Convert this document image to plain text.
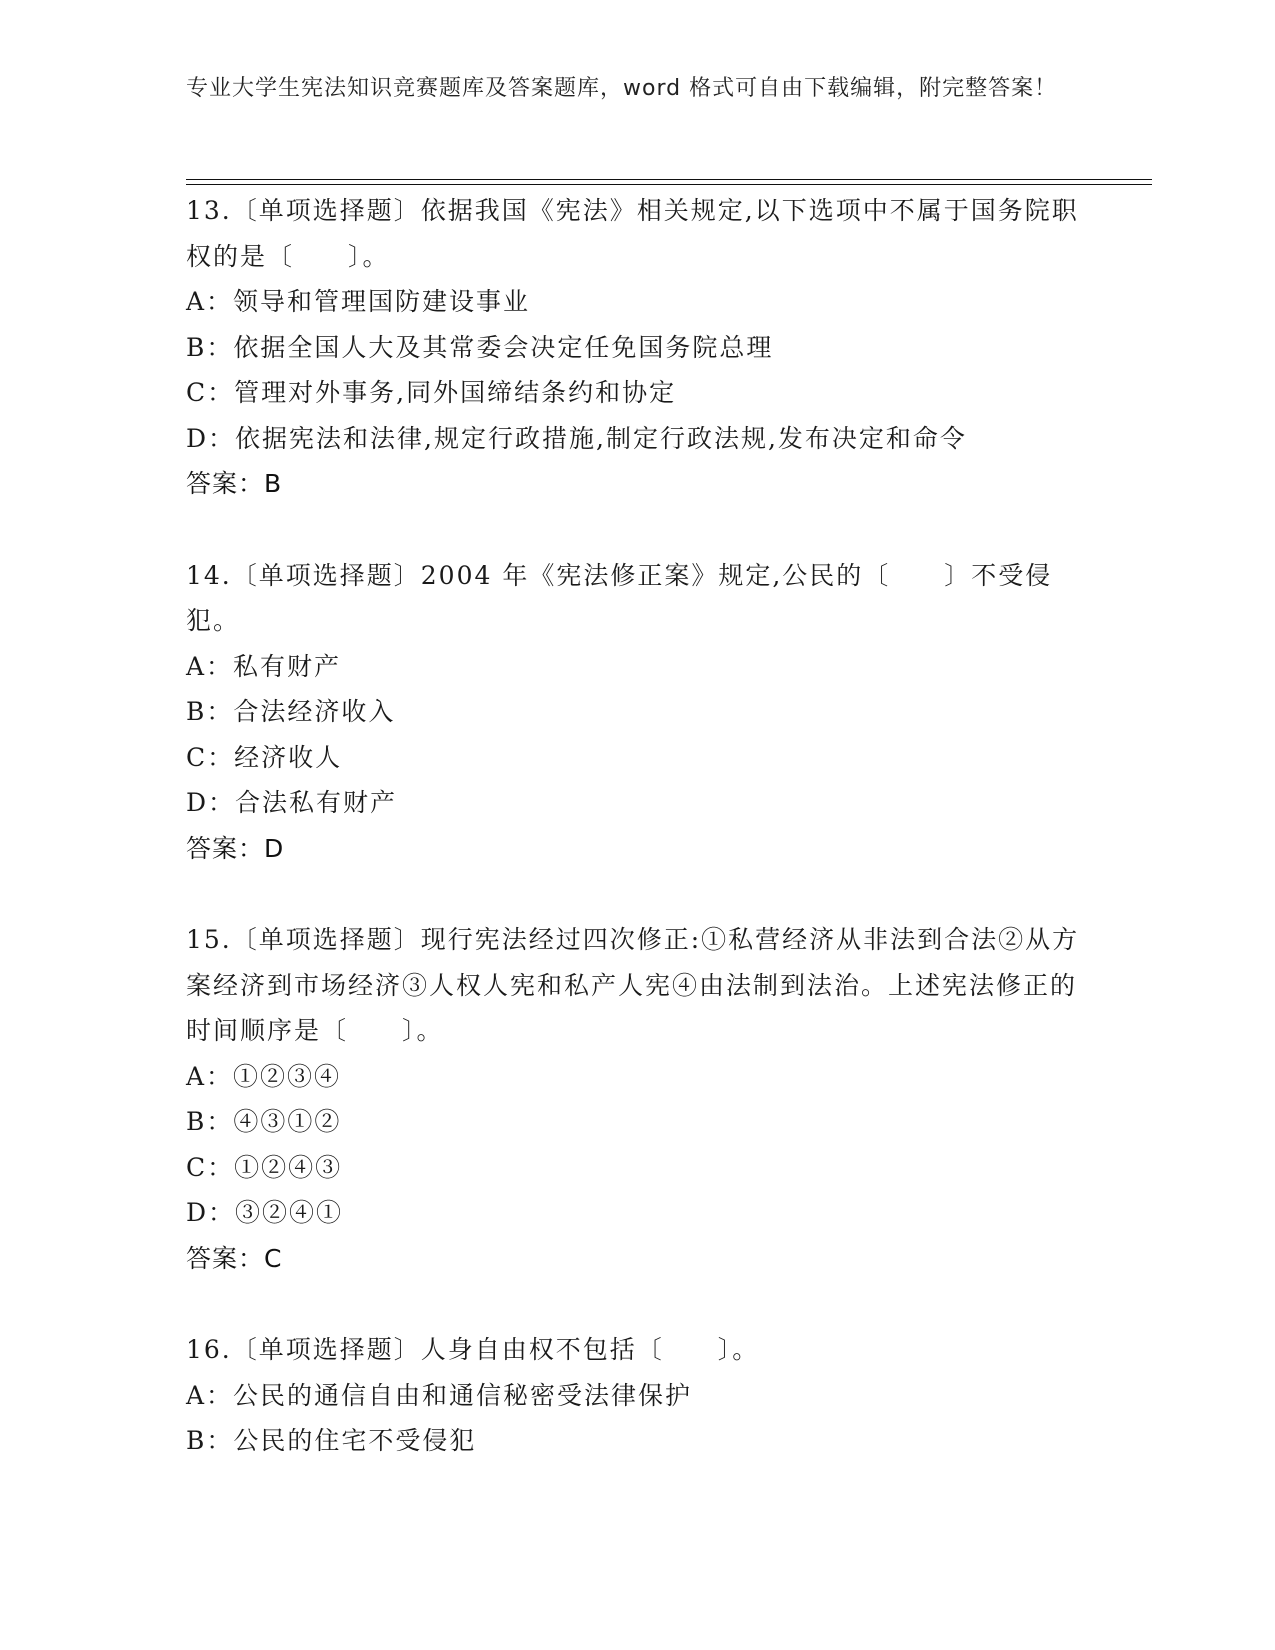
专业大学生宪法知识竞赛题库及答案题库，word 格式可自由下载编辑，附完整答案！

13.〔单项选择题〕依据我国《宪法》相关规定,以下选项中不属于国务院职权的是〔　　〕。

A：领导和管理国防建设事业

B：依据全国人大及其常委会决定任免国务院总理

C：管理对外事务,同外国缔结条约和协定

D：依据宪法和法律,规定行政措施,制定行政法规,发布决定和命令

答案：B

14.〔单项选择题〕2004 年《宪法修正案》规定,公民的〔　　〕不受侵犯。

A：私有财产

B：合法经济收入

C：经济收人

D：合法私有财产

答案：D

15.〔单项选择题〕现行宪法经过四次修正:①私营经济从非法到合法②从方案经济到市场经济③人权人宪和私产人宪④由法制到法治。上述宪法修正的时间顺序是〔　　〕。

A：①②③④

B：④③①②

C：①②④③

D：③②④①

答案：C

16.〔单项选择题〕人身自由权不包括〔　　〕。

A：公民的通信自由和通信秘密受法律保护

B：公民的住宅不受侵犯
